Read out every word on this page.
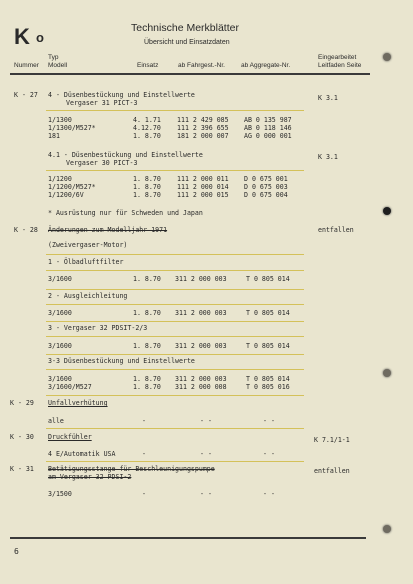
K o
Technische Merkblätter
Übersicht und Einsatzdaten
Typ
Nummer Modell	Einsatz	ab Fahrgest.-Nr. ab Aggregate-Nr.
Eingearbeitet
Leitfaden Seite
K - 27 4 - Düsenbestückung und Einstellwerte
Vergaser 31 PICT-3
K 3.1
1/1300	4. 1.71 111 2 429 085 AB 0 135 987
1/1300/M527*	4.12.70 111 2 396 655 AB 0 118 146
181	1. 8.70 181 2 000 007 AG 0 000 001
4.1 - Düsenbestückung und Einstellwerte
Vergaser 30 PICT-3
K 3.1
1/1200	1. 8.70 111 2 000 011 D 0 675 001
1/1200/M527*	1. 8.70 111 2 000 014 D 0 675 003
1/1200/6V	1. 8.70 111 2 000 015 D 0 675 004
* Ausrüstung nur für Schweden und Japan
K - 28 Änderungen zum Modelljahr 1971	entfallen
(Zweivergaser-Motor)
1 - Ölbadluftfilter
3/1600	1. 8.70 311 2 000 003	T 0 805 014
2 - Ausgleichleitung
3/1600	1. 8.70 311 2 000 003	T 0 805 014
3 - Vergaser 32 PDSIT-2/3
3/1600	1. 8.70 311 2 000 003	T 0 805 014
3-3 Düsenbestückung und Einstellwerte
3/1600	1. 8.70 311 2 000 003	T 0 805 014
3/1600/M527	1. 8.70 311 2 000 008	T 0 805 016
K - 29 Unfallverhütung
alle	-	- -	- -
K - 30 Druckfühler	K 7.1/1-1
4 E/Automatik USA	-	- -	- -
K - 31 Betätigungsstange für Beschleunigungspumpe
am Vergaser 32 PDSI-2
entfallen
3/1500	-	- -	- -
6
